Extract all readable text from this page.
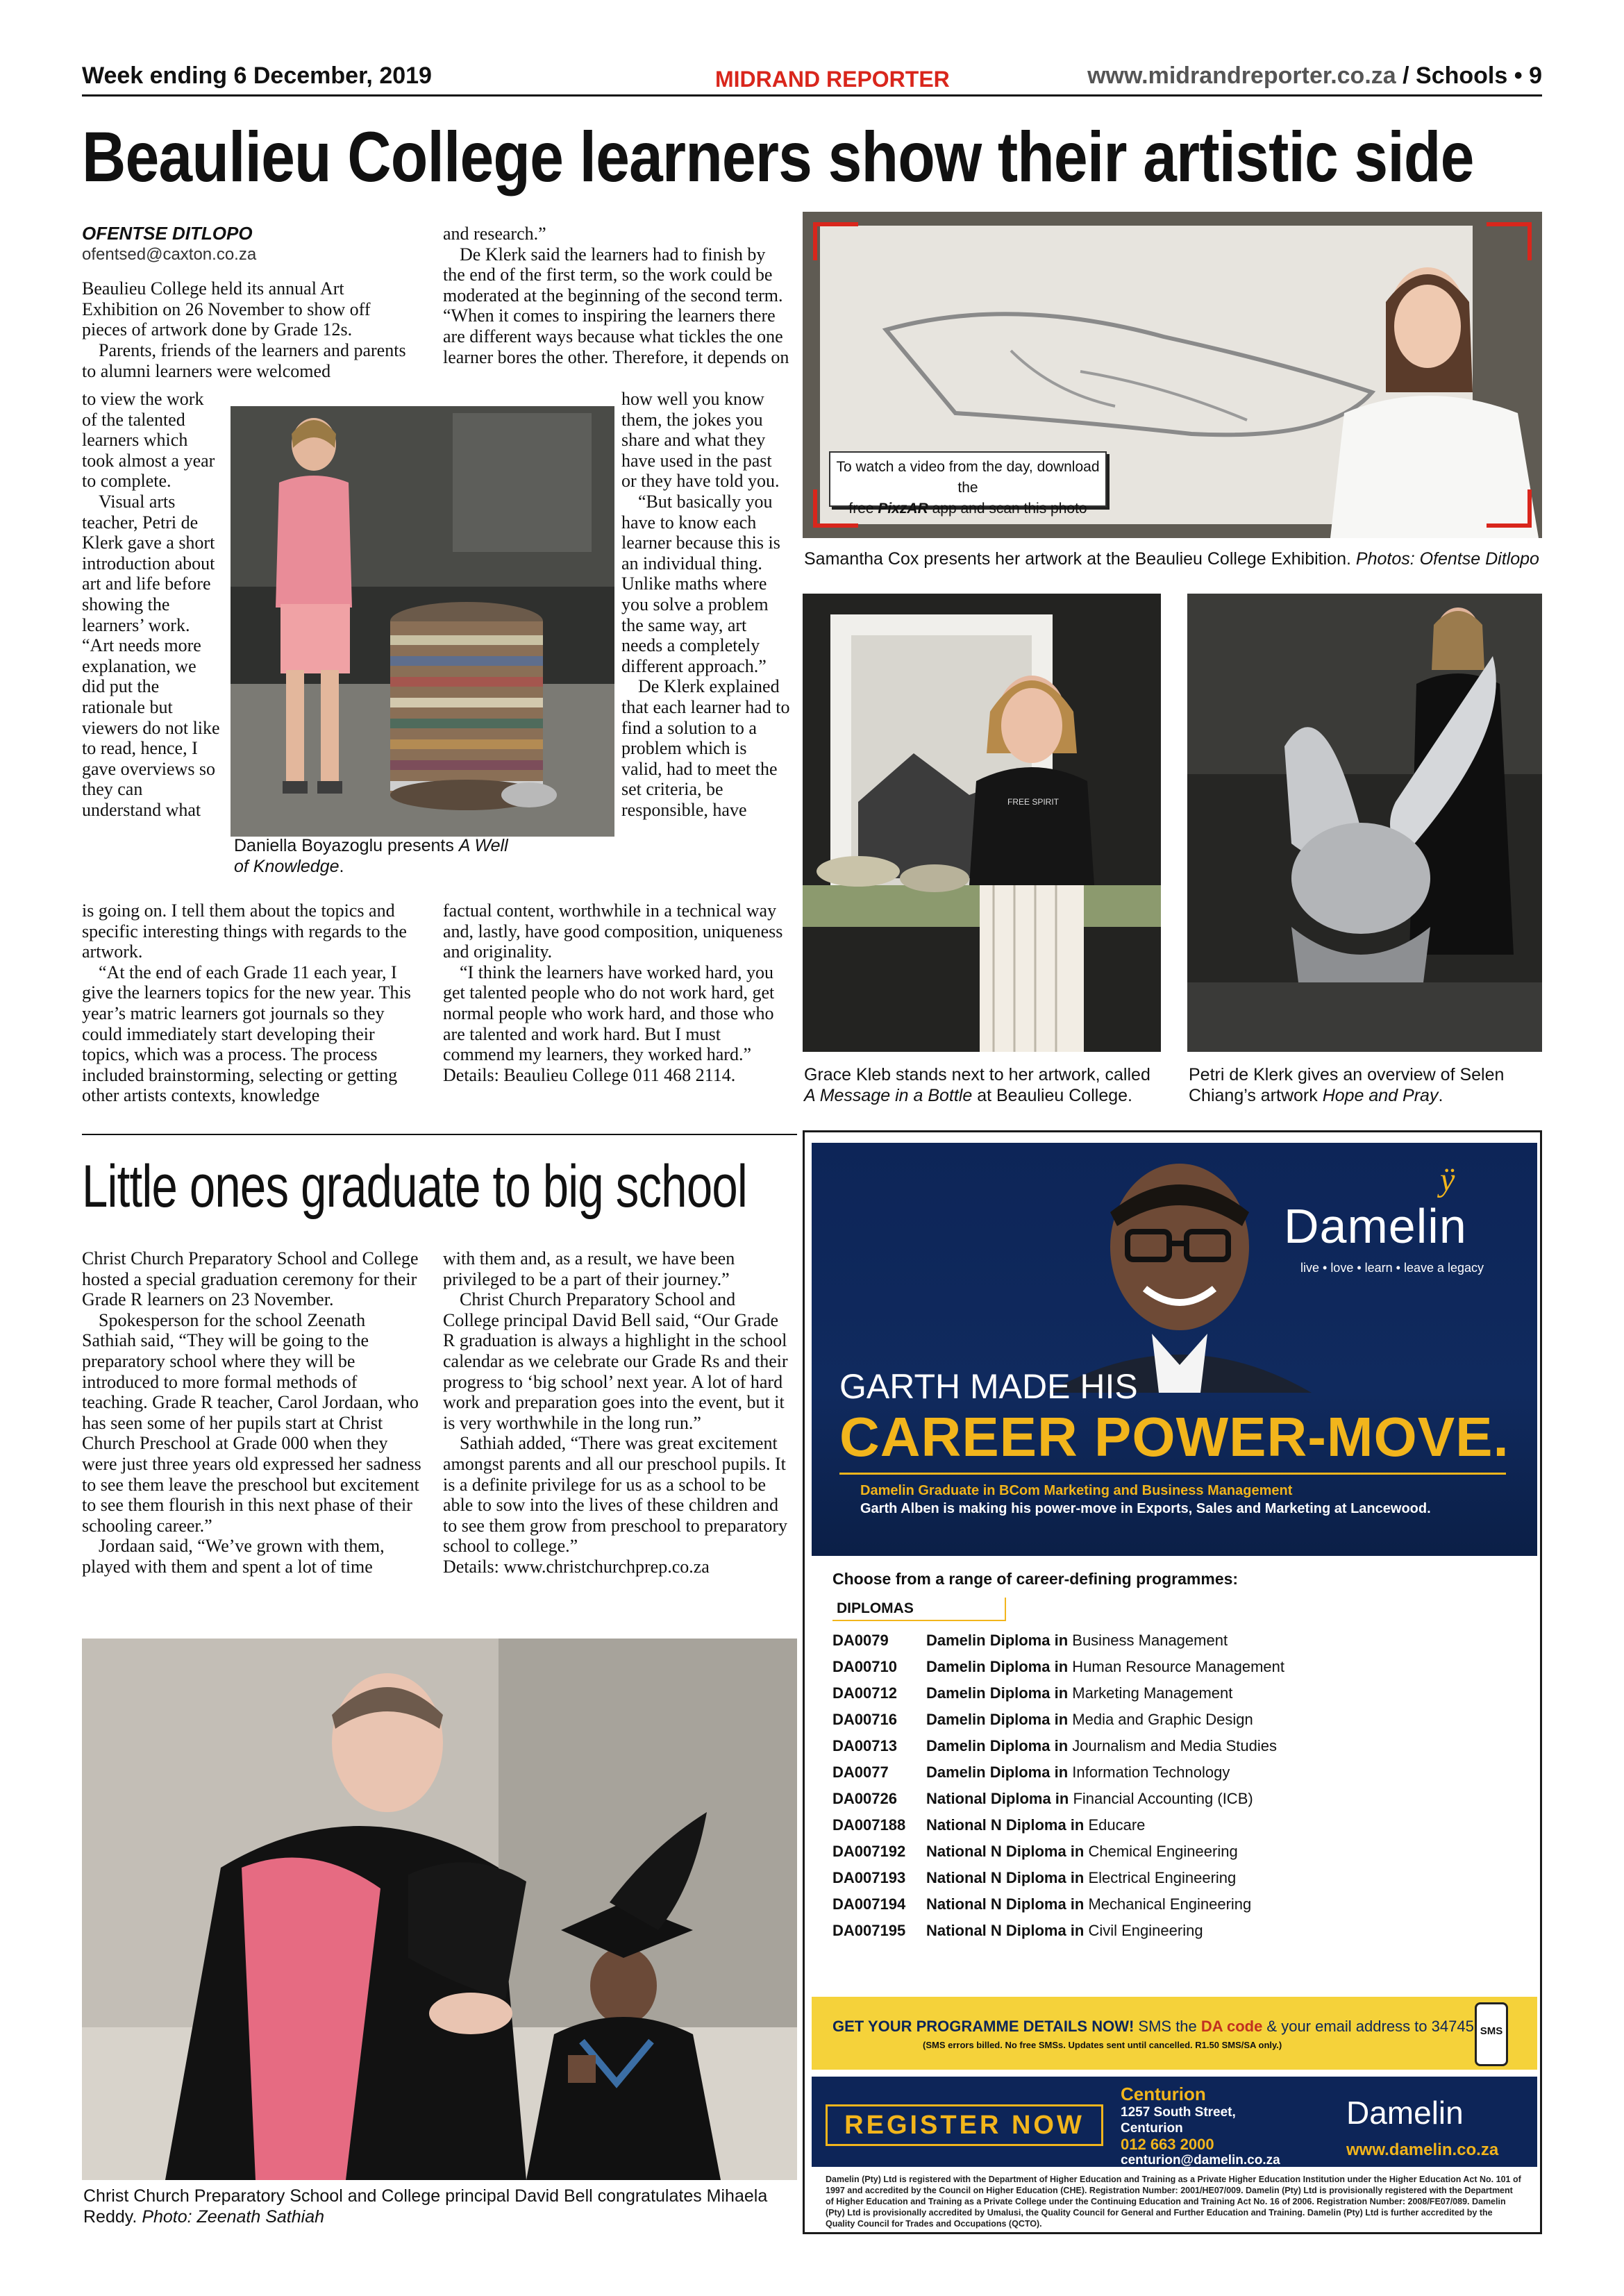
Week ending 6 December, 2019	MIDRAND REPORTER	www.midrandreporter.co.za / Schools • 9
Beaulieu College learners show their artistic side
OFENTSE DITLOPO
ofentsed@caxton.co.za

Beaulieu College held its annual Art Exhibition on 26 November to show off pieces of artwork done by Grade 12s.

Parents, friends of the learners and parents to alumni learners were welcomed

to view the work of the talented learners which took almost a year to complete.

Visual arts teacher, Petri de Klerk gave a short introduction about art and life before showing the learners’ work. “Art needs more explanation, we did put the rationale but viewers do not like to read, hence, I gave overviews so they can understand what

is going on. I tell them about the topics and specific interesting things with regards to the artwork.

“At the end of each Grade 11 each year, I give the learners topics for the new year. This year’s matric learners got journals so they could immediately start developing their topics, which was a process. The process included brainstorming, selecting or getting other artists contexts, knowledge

and research.”

De Klerk said the learners had to finish by the end of the first term, so the work could be moderated at the beginning of the second term. “When it comes to inspiring the learners there are different ways because what tickles the one learner bores the other. Therefore, it depends on

how well you know them, the jokes you share and what they have used in the past or they have told you.

“But basically you have to know each learner because this is an individual thing. Unlike maths where you solve a problem the same way, art needs a completely different approach.”

De Klerk explained that each learner had to find a solution to a problem which is valid, had to meet the set criteria, be responsible, have

factual content, worthwhile in a technical way and, lastly, have good composition, uniqueness and originality.

“I think the learners have worked hard, you get talented people who do not work hard, get normal people who work hard, and those who are talented and work hard. But I must commend my learners, they worked hard.”

Details: Beaulieu College 011 468 2114.

Daniella Boyazoglu presents A Well of Knowledge.
To watch a video from the day, download the
free PixzAR app and scan this photo
Samantha Cox presents her artwork at the Beaulieu College Exhibition. Photos: Ofentse Ditlopo
FREE SPIRIT
Grace Kleb stands next to her artwork, called A Message in a Bottle at Beaulieu College.
Petri de Klerk gives an overview of Selen Chiang’s artwork Hope and Pray.
Little ones graduate to big school

Christ Church Preparatory School and College hosted a special graduation ceremony for their Grade R learners on 23 November.

Spokesperson for the school Zeenath Sathiah said, “They will be going to the preparatory school where they will be introduced to more formal methods of teaching. Grade R teacher, Carol Jordaan, who has seen some of her pupils start at Christ Church Preschool at Grade 000 when they were just three years old expressed her sadness to see them leave the preschool but excitement to see them flourish in this next phase of their schooling career.”

Jordaan said, “We’ve grown with them, played with them and spent a lot of time

with them and, as a result, we have been privileged to be a part of their journey.”

Christ Church Preparatory School and College principal David Bell said, “Our Grade R graduation is always a highlight in the school calendar as we celebrate our Grade Rs and their progress to ‘big school’ next year. A lot of hard work and preparation goes into the event, but it is very worthwhile in the long run.”

Sathiah added, “There was great excitement amongst parents and all our preschool pupils. It is a definite privilege for us as a school to be able to sow into the lives of these children and to see them grow from preschool to preparatory school to college.”

Details: www.christchurchprep.co.za

Christ Church Preparatory School and College principal David Bell congratulates Mihaela Reddy. Photo: Zeenath Sathiah
Damelin
ÿ
live • love • learn • leave a legacy
GARTH MADE HIS
CAREER POWER-MOVE.
Damelin Graduate in BCom Marketing and Business Management
Garth Alben is making his power-move in Exports, Sales and Marketing at Lancewood.
Choose from a range of career-defining programmes:
DIPLOMAS
DA0079 Damelin Diploma in Business Management
DA00710 Damelin Diploma in Human Resource Management
DA00712 Damelin Diploma in Marketing Management
DA00716 Damelin Diploma in Media and Graphic Design
DA00713 Damelin Diploma in Journalism and Media Studies
DA0077 Damelin Diploma in Information Technology
DA00726 National Diploma in Financial Accounting (ICB)
DA007188 National N Diploma in Educare
DA007192 National N Diploma in Chemical Engineering
DA007193 National N Diploma in Electrical Engineering
DA007194 National N Diploma in Mechanical Engineering
DA007195 National N Diploma in Civil Engineering
GET YOUR PROGRAMME DETAILS NOW! SMS the DA code & your email address to 34745
(SMS errors billed. No free SMSs. Updates sent until cancelled. R1.50 SMS/SA only.)
SMS
REGISTER NOW
Centurion
1257 South Street,
Centurion
012 663 2000
centurion@damelin.co.za
Damelin
www.damelin.co.za
Damelin (Pty) Ltd is registered with the Department of Higher Education and Training as a Private Higher Education Institution under the Higher Education Act No. 101 of 1997 and accredited by the Council on Higher Education (CHE). Registration Number: 2001/HE07/009. Damelin (Pty) Ltd is provisionally registered with the Department of Higher Education and Training as a Private College under the Continuing Education and Training Act No. 16 of 2006. Registration Number: 2008/FE07/089. Damelin (Pty) Ltd is provisionally accredited by Umalusi, the Quality Council for General and Further Education and Training. Damelin (Pty) Ltd is further accredited by the Quality Council for Trades and Occupations (QCTO).
